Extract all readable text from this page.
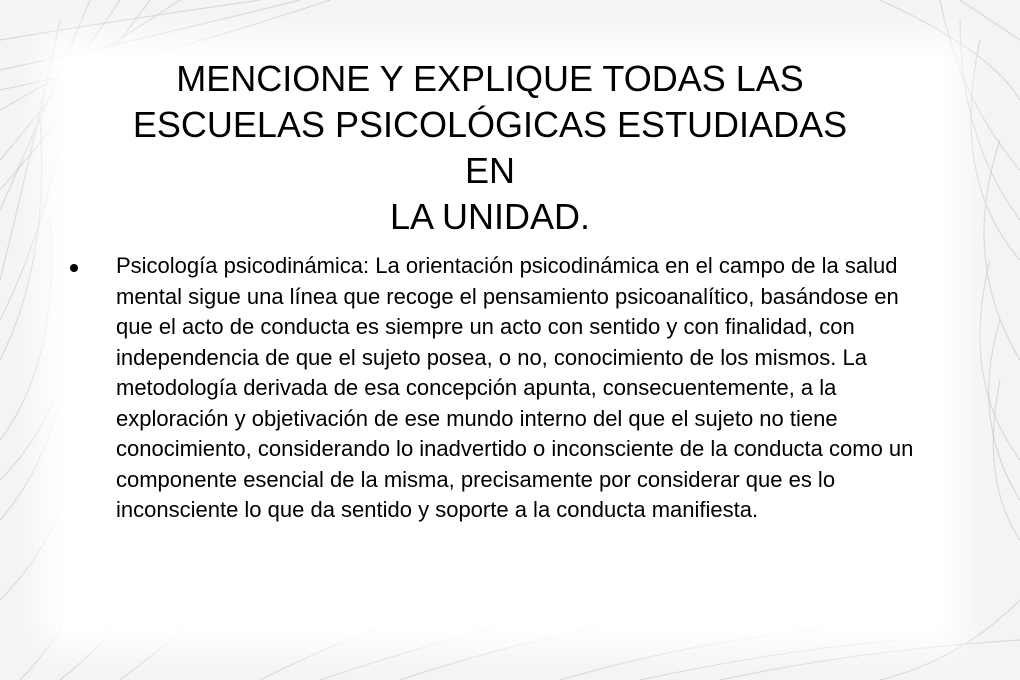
MENCIONE Y EXPLIQUE TODAS LAS
ESCUELAS PSICOLÓGICAS ESTUDIADAS
EN
LA UNIDAD.
Psicología psicodinámica: La orientación psicodinámica en el campo de la salud mental sigue una línea que recoge el pensamiento psicoanalítico, basándose en que el acto de conducta es siempre un acto con sentido y con finalidad, con independencia de que el sujeto posea, o no, conocimiento de los mismos. La metodología derivada de esa concepción apunta, consecuentemente, a la exploración y objetivación de ese mundo interno del que el sujeto no tiene conocimiento, considerando lo inadvertido o inconsciente de la conducta como un componente esencial de la misma, precisamente por considerar que es lo inconsciente lo que da sentido y soporte a la conducta manifiesta.
